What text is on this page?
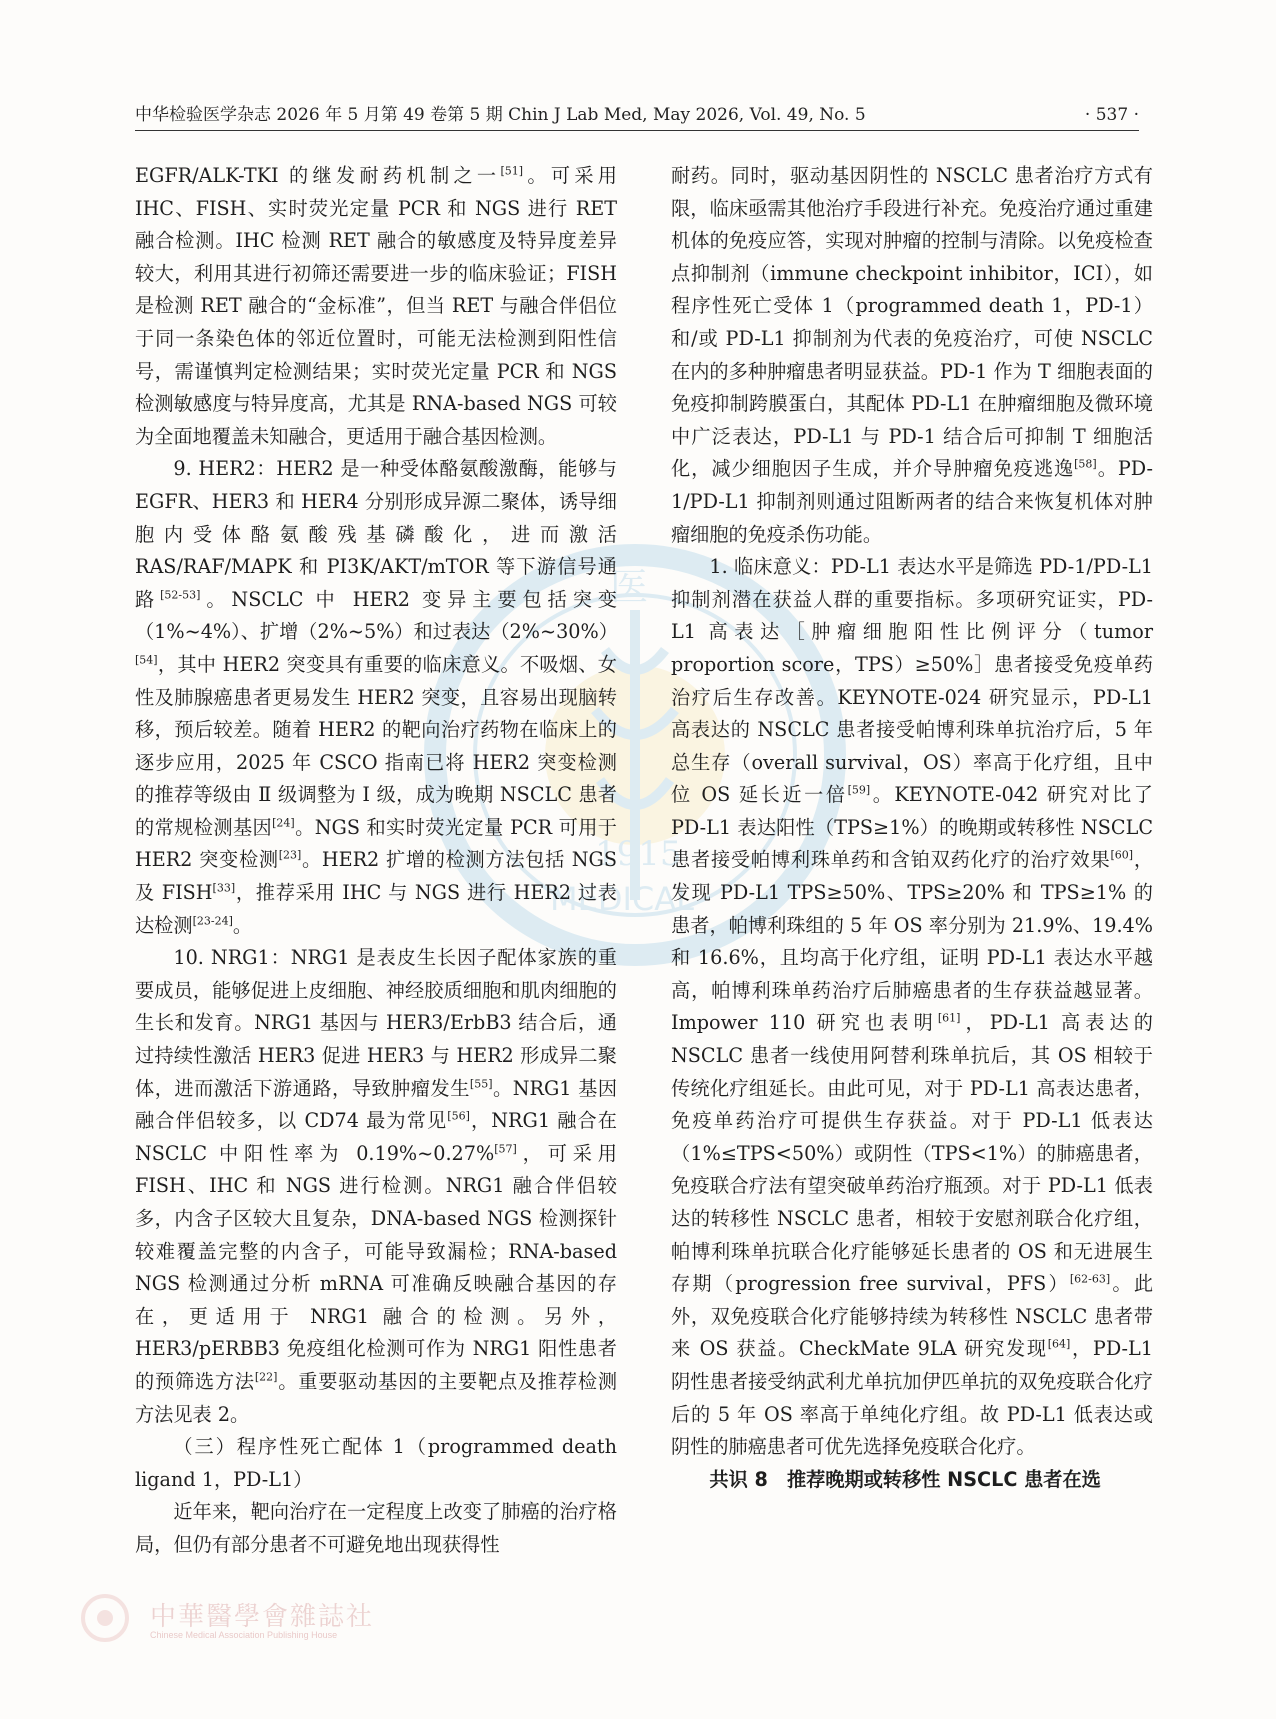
医
1915
MEDICAL
中華醫學會雜誌社
Chinese Medical Association Publishing House
中华检验医学杂志 2026 年 5 月第 49 卷第 5 期 Chin J Lab Med, May 2026, Vol. 49, No. 5	· 537 ·

EGFR/ALK-TKI 的继发耐药机制之一[51]。可采用 IHC、FISH、实时荧光定量 PCR 和 NGS 进行 RET 融合检测。IHC 检测 RET 融合的敏感度及特异度差异较大，利用其进行初筛还需要进一步的临床验证；FISH 是检测 RET 融合的“金标准”，但当 RET 与融合伴侣位于同一条染色体的邻近位置时，可能无法检测到阳性信号，需谨慎判定检测结果；实时荧光定量 PCR 和 NGS 检测敏感度与特异度高，尤其是 RNA-based NGS 可较为全面地覆盖未知融合，更适用于融合基因检测。

9. HER2：HER2 是一种受体酪氨酸激酶，能够与 EGFR、HER3 和 HER4 分别形成异源二聚体，诱导细胞内受体酪氨酸残基磷酸化，进而激活 RAS/RAF/MAPK 和 PI3K/AKT/mTOR 等下游信号通路[52-53]。NSCLC 中 HER2 变异主要包括突变（1%~4%）、扩增（2%~5%）和过表达（2%~30%）[54]，其中 HER2 突变具有重要的临床意义。不吸烟、女性及肺腺癌患者更易发生 HER2 突变，且容易出现脑转移，预后较差。随着 HER2 的靶向治疗药物在临床上的逐步应用，2025 年 CSCO 指南已将 HER2 突变检测的推荐等级由 Ⅱ 级调整为 Ⅰ 级，成为晚期 NSCLC 患者的常规检测基因[24]。NGS 和实时荧光定量 PCR 可用于 HER2 突变检测[23]。HER2 扩增的检测方法包括 NGS 及 FISH[33]，推荐采用 IHC 与 NGS 进行 HER2 过表达检测[23-24]。

10. NRG1：NRG1 是表皮生长因子配体家族的重要成员，能够促进上皮细胞、神经胶质细胞和肌肉细胞的生长和发育。NRG1 基因与 HER3/ErbB3 结合后，通过持续性激活 HER3 促进 HER3 与 HER2 形成异二聚体，进而激活下游通路，导致肿瘤发生[55]。NRG1 基因融合伴侣较多，以 CD74 最为常见[56]，NRG1 融合在 NSCLC 中阳性率为 0.19%~0.27%[57]，可采用 FISH、IHC 和 NGS 进行检测。NRG1 融合伴侣较多，内含子区较大且复杂，DNA-based NGS 检测探针较难覆盖完整的内含子，可能导致漏检；RNA-based NGS 检测通过分析 mRNA 可准确反映融合基因的存在，更适用于 NRG1 融合的检测。另外，HER3/pERBB3 免疫组化检测可作为 NRG1 阳性患者的预筛选方法[22]。重要驱动基因的主要靶点及推荐检测方法见表 2。

（三）程序性死亡配体 1（programmed death ligand 1，PD-L1）

近年来，靶向治疗在一定程度上改变了肺癌的治疗格局，但仍有部分患者不可避免地出现获得性

耐药。同时，驱动基因阴性的 NSCLC 患者治疗方式有限，临床亟需其他治疗手段进行补充。免疫治疗通过重建机体的免疫应答，实现对肿瘤的控制与清除。以免疫检查点抑制剂（immune checkpoint inhibitor，ICI），如程序性死亡受体 1（programmed death 1，PD-1）和/或 PD-L1 抑制剂为代表的免疫治疗，可使 NSCLC 在内的多种肿瘤患者明显获益。PD-1 作为 T 细胞表面的免疫抑制跨膜蛋白，其配体 PD-L1 在肿瘤细胞及微环境中广泛表达，PD-L1 与 PD-1 结合后可抑制 T 细胞活化，减少细胞因子生成，并介导肿瘤免疫逃逸[58]。PD-1/PD-L1 抑制剂则通过阻断两者的结合来恢复机体对肿瘤细胞的免疫杀伤功能。

1. 临床意义：PD-L1 表达水平是筛选 PD-1/PD-L1 抑制剂潜在获益人群的重要指标。多项研究证实，PD-L1 高表达［肿瘤细胞阳性比例评分（tumor proportion score，TPS）≥50%］患者接受免疫单药治疗后生存改善。KEYNOTE-024 研究显示，PD-L1 高表达的 NSCLC 患者接受帕博利珠单抗治疗后，5 年总生存（overall survival，OS）率高于化疗组，且中位 OS 延长近一倍[59]。KEYNOTE-042 研究对比了 PD-L1 表达阳性（TPS≥1%）的晚期或转移性 NSCLC 患者接受帕博利珠单药和含铂双药化疗的治疗效果[60]，发现 PD-L1 TPS≥50%、TPS≥20% 和 TPS≥1% 的患者，帕博利珠组的 5 年 OS 率分别为 21.9%、19.4% 和 16.6%，且均高于化疗组，证明 PD-L1 表达水平越高，帕博利珠单药治疗后肺癌患者的生存获益越显著。Impower 110 研究也表明[61]，PD-L1 高表达的 NSCLC 患者一线使用阿替利珠单抗后，其 OS 相较于传统化疗组延长。由此可见，对于 PD-L1 高表达患者，免疫单药治疗可提供生存获益。对于 PD-L1 低表达（1%≤TPS<50%）或阴性（TPS<1%）的肺癌患者，免疫联合疗法有望突破单药治疗瓶颈。对于 PD-L1 低表达的转移性 NSCLC 患者，相较于安慰剂联合化疗组，帕博利珠单抗联合化疗能够延长患者的 OS 和无进展生存期（progression free survival，PFS）[62-63]。此外，双免疫联合化疗能够持续为转移性 NSCLC 患者带来 OS 获益。CheckMate 9LA 研究发现[64]，PD-L1 阴性患者接受纳武利尤单抗加伊匹单抗的双免疫联合化疗后的 5 年 OS 率高于单纯化疗组。故 PD-L1 低表达或阴性的肺癌患者可优先选择免疫联合化疗。

共识 8　推荐晚期或转移性 NSCLC 患者在选
